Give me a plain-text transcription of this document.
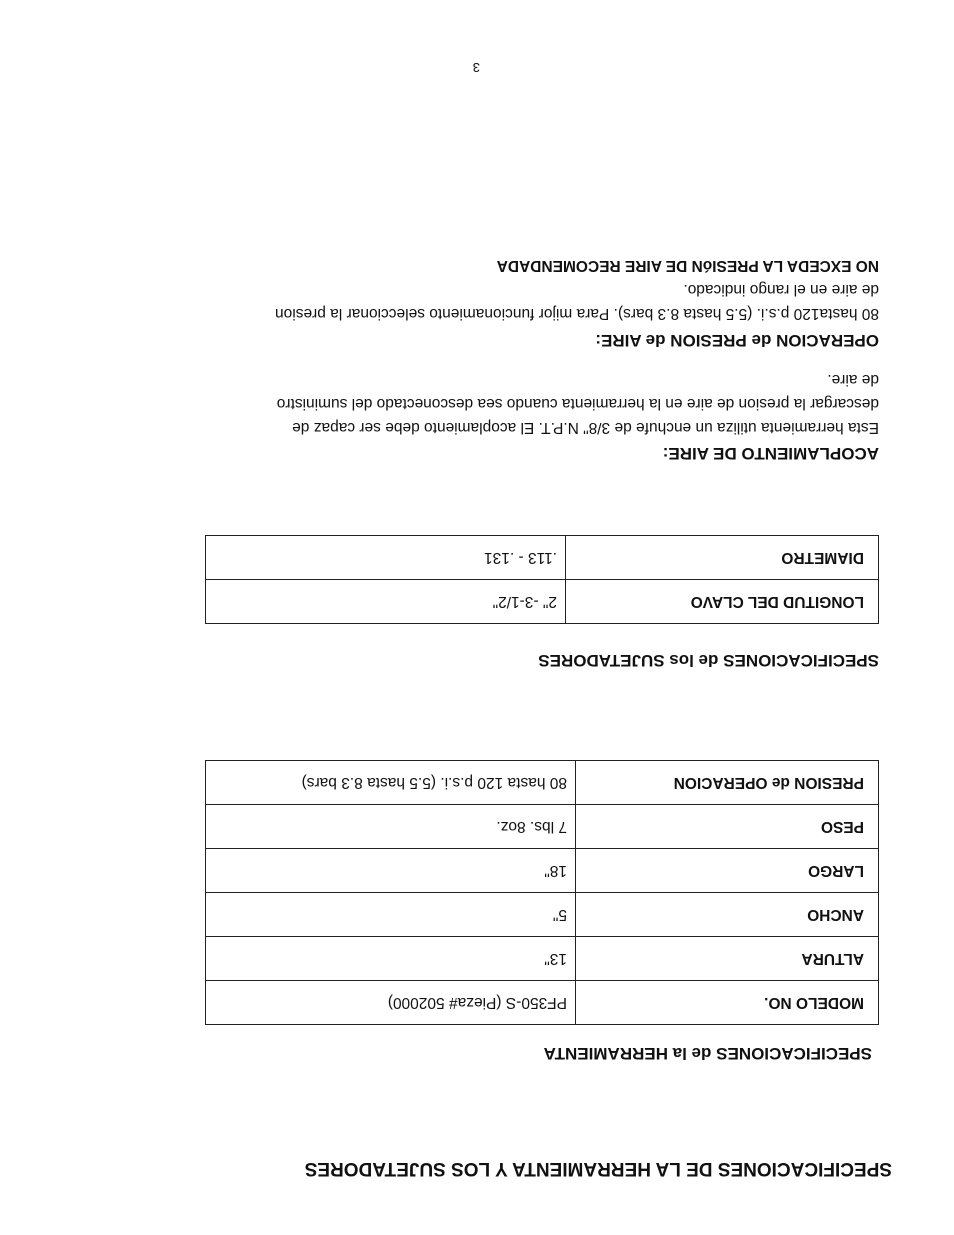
SPECIFICACIONES DE LA HERRAMIENTA Y LOS SUJETADORES
SPECIFICACIONES de la HERRAMIENTA
MODELO NO.	PF350-S (Pieza# 502000)
ALTURA	13"
ANCHO	5"
LARGO	18"
PESO	7 lbs. 8oz.
PRESION de OPERACION	80 hasta 120 p.s.i. (5.5 hasta 8.3 bars)
SPECIFICACIONES de los SUJETADORES
LONGITUD DEL CLAVO	2" -3-1/2"
DIAMETRO	.113 - .131
ACOPLAMIENTO DE AIRE:
Esta herramienta utiliza un enchufe de 3/8" N.P.T. El acoplamiento debe ser capaz de
descargar la presion de aire en la herramienta cuando sea desconectado del suministro
de aire.
OPERACION de PRESION de AIRE:
80 hasta120 p.s.i. (5.5 hasta 8.3 bars). Para mijor funcionamiento seleccionar la presion
de aire en el rango indicado.
NO EXCEDA LA PRESIóN DE AIRE RECOMENDADA
3
